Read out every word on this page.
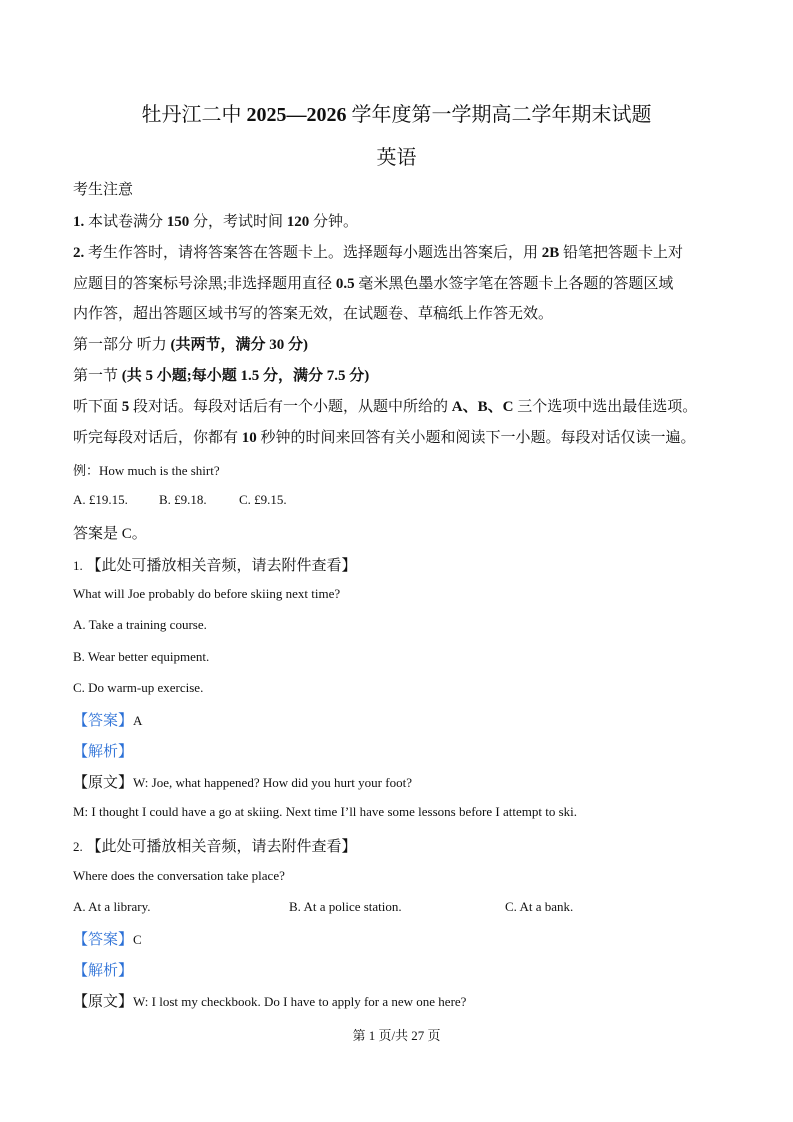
牡丹江二中 2025—2026 学年度第一学期高二学年期末试题
英语
考生注意
1. 本试卷满分 150 分，考试时间 120 分钟。
2. 考生作答时，请将答案答在答题卡上。选择题每小题选出答案后，用 2B 铅笔把答题卡上对
应题目的答案标号涂黑;非选择题用直径 0.5 毫米黑色墨水签字笔在答题卡上各题的答题区域
内作答，超出答题区域书写的答案无效，在试题卷、草稿纸上作答无效。
第一部分 听力 (共两节，满分 30 分)
第一节 (共 5 小题;每小题 1.5 分，满分 7.5 分)
听下面 5 段对话。每段对话后有一个小题，从题中所给的 A、B、C 三个选项中选出最佳选项。
听完每段对话后，你都有 10 秒钟的时间来回答有关小题和阅读下一小题。每段对话仅读一遍。
例：How much is the shirt?
A. £19.15. B. £9.18. C. £9.15.
答案是 C。
1. 【此处可播放相关音频，请去附件查看】
What will Joe probably do before skiing next time?
A. Take a training course.
B. Wear better equipment.
C. Do warm-up exercise.
【答案】A
【解析】
【原文】W: Joe, what happened? How did you hurt your foot?
M: I thought I could have a go at skiing. Next time I’ll have some lessons before I attempt to ski.
2. 【此处可播放相关音频，请去附件查看】
Where does the conversation take place?
A. At a library.	B. At a police station.	C. At a bank.
【答案】C
【解析】
【原文】W: I lost my checkbook. Do I have to apply for a new one here?
第 1 页/共 27 页
